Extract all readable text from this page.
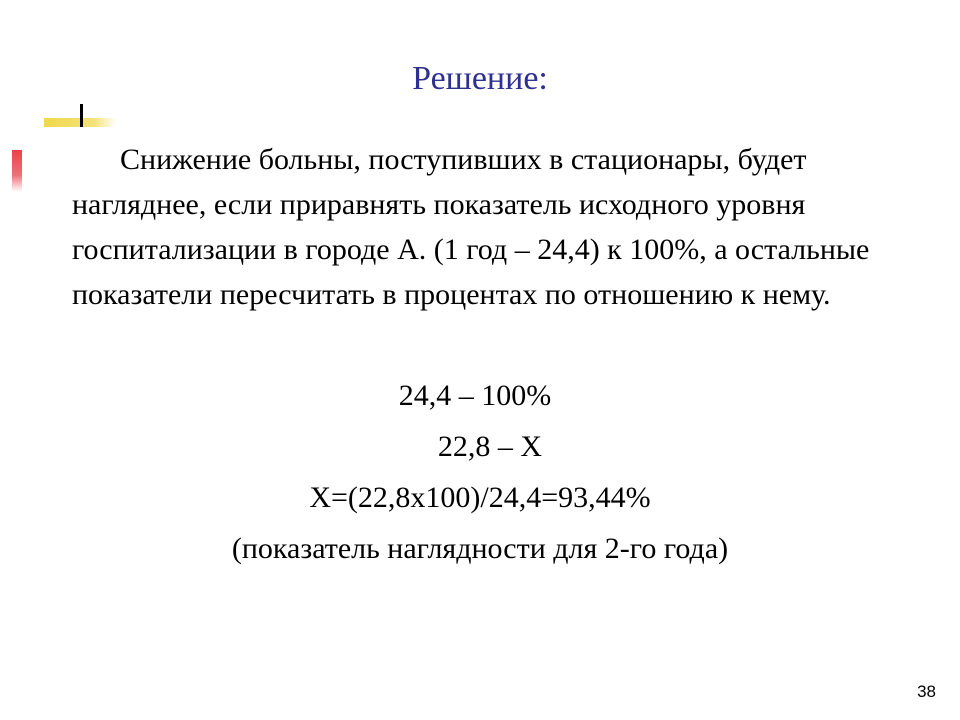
Решение:

Снижение больны, поступивших в стационары, будет нагляднее, если приравнять показатель исходного уровня госпитализации в городе А. (1 год – 24,4) к 100%, а остальные показатели пересчитать в процентах по отношению к нему.

24,4 – 100%
22,8 – Х
Х=(22,8х100)/24,4=93,44%
(показатель наглядности для 2-го года)
38
